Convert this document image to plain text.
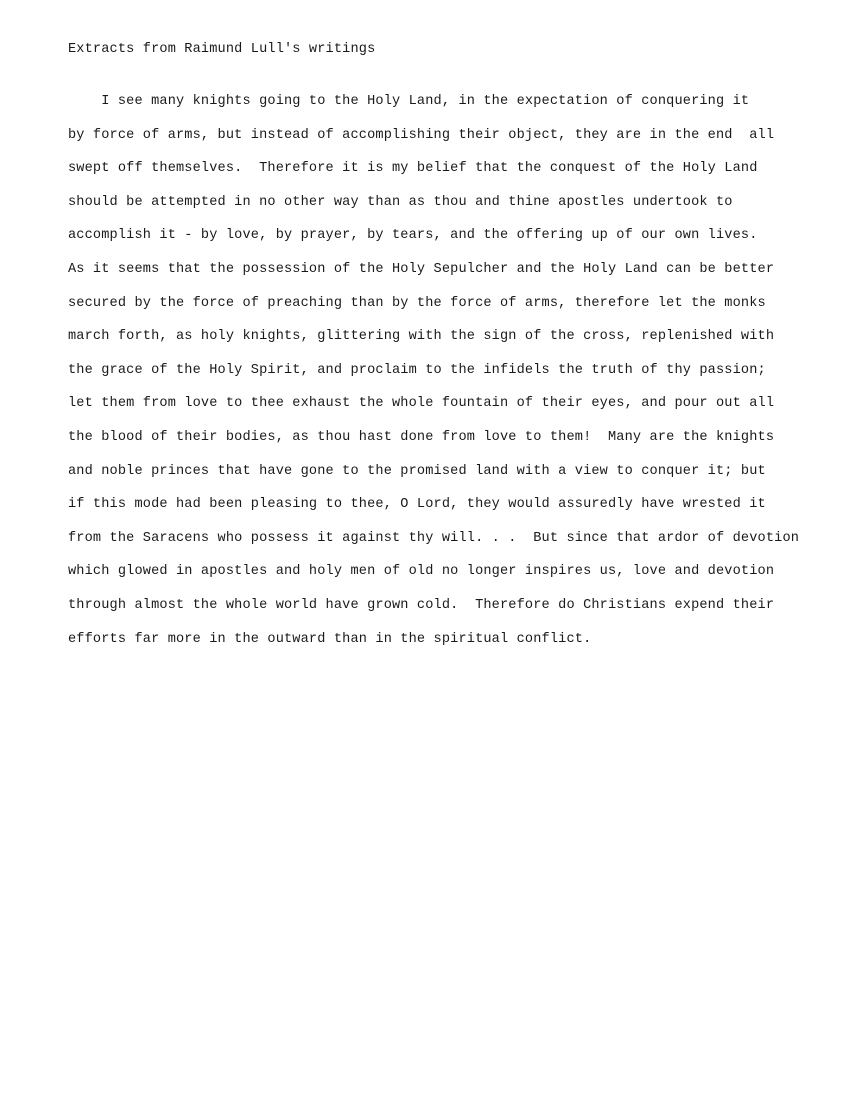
Extracts from Raimund Lull's writings
I see many knights going to the Holy Land, in the expectation of conquering it
by force of arms, but instead of accomplishing their object, they are in the end  all
swept off themselves.  Therefore it is my belief that the conquest of the Holy Land
should be attempted in no other way than as thou and thine apostles undertook to
accomplish it - by love, by prayer, by tears, and the offering up of our own lives.
As it seems that the possession of the Holy Sepulcher and the Holy Land can be better
secured by the force of preaching than by the force of arms, therefore let the monks
march forth, as holy knights, glittering with the sign of the cross, replenished with
the grace of the Holy Spirit, and proclaim to the infidels the truth of thy passion;
let them from love to thee exhaust the whole fountain of their eyes, and pour out all
the blood of their bodies, as thou hast done from love to them!  Many are the knights
and noble princes that have gone to the promised land with a view to conquer it; but
if this mode had been pleasing to thee, O Lord, they would assuredly have wrested it
from the Saracens who possess it against thy will. . .  But since that ardor of devotion
which glowed in apostles and holy men of old no longer inspires us, love and devotion
through almost the whole world have grown cold.  Therefore do Christians expend their
efforts far more in the outward than in the spiritual conflict.
